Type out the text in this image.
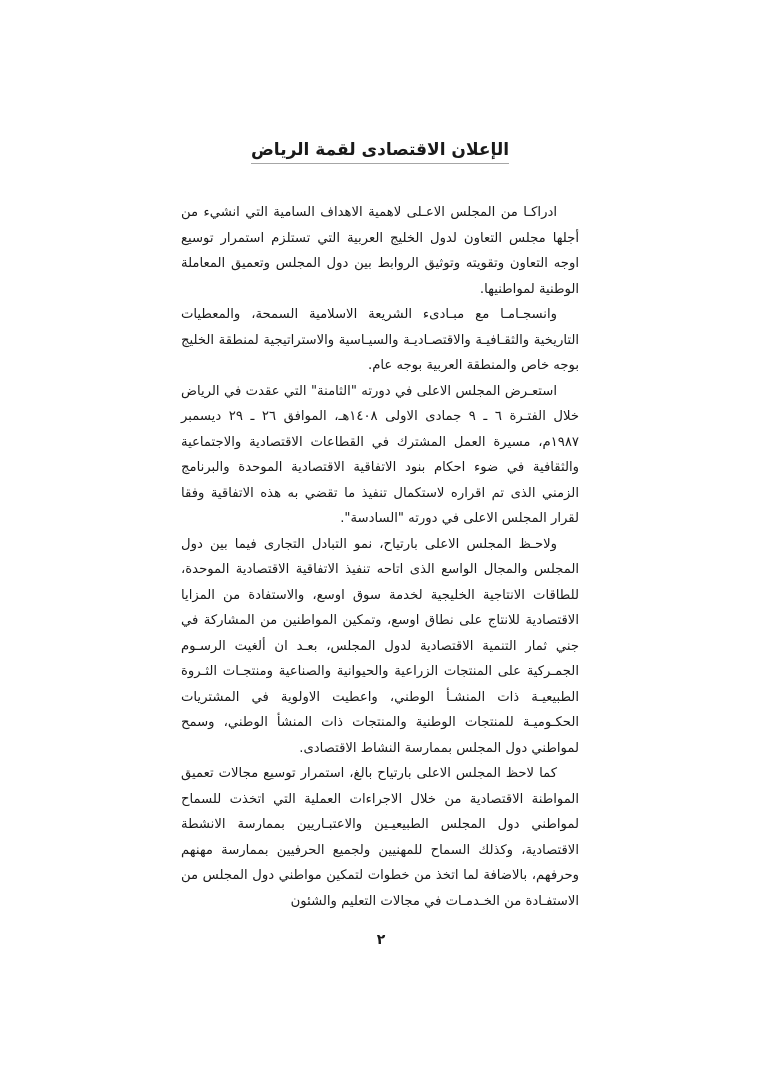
الإعلان الاقتصادى لقمة الرياض

ادراكـا من المجلس الاعـلى لاهمية الاهداف السامية التي انشيء من أجلها مجلس التعاون لدول الخليج العربية التي تستلزم استمرار توسيع اوجه التعاون وتقويته وتوثيق الروابط بين دول المجلس وتعميق المعاملة الوطنية لمواطنيها.

وانسجـامـا مع مبـادىء الشريعة الاسلامية السمحة، والمعطيات التاريخية والثقـافيـة والاقتصـاديـة والسيـاسية والاستراتيجية لمنطقة الخليج بوجه خاص والمنطقة العربية بوجه عام.

استعـرض المجلس الاعلى في دورته "الثامنة" التي عقدت في الرياض خلال الفتـرة ٦ ـ ٩ جمادى الاولى ١٤٠٨هـ، الموافق ٢٦ ـ ٢٩ ديسمبر ١٩٨٧م، مسيرة العمل المشترك في القطاعات الاقتصادية والاجتماعية والثقافية في ضوء احكام بنود الاتفاقية الاقتصادية الموحدة والبرنامج الزمني الذى تم اقراره لاستكمال تنفيذ ما تقضي به هذه الاتفاقية وفقا لقرار المجلس الاعلى في دورته "السادسة".

ولاحـظ المجلس الاعلى بارتياح، نمو التبادل التجارى فيما بين دول المجلس والمجال الواسع الذى اتاحه تنفيذ الاتفاقية الاقتصادية الموحدة، للطاقات الانتاجية الخليجية لخدمة سوق اوسع، والاستفادة من المزايا الاقتصادية للانتاج على نطاق اوسع، وتمكين المواطنين من المشاركة في جني ثمار التنمية الاقتصادية لدول المجلس، بعـد ان ألغيت الرسـوم الجمـركية على المنتجات الزراعية والحيوانية والصناعية ومنتجـات الثـروة الطبيعيـة ذات المنشـأ الوطني، واعطيت الاولوية في المشتريات الحكـوميـة للمنتجات الوطنية والمنتجات ذات المنشأ الوطني، وسمح لمواطني دول المجلس بممارسة النشاط الاقتصادى.

كما لاحظ المجلس الاعلى بارتياح بالغ، استمرار توسيع مجالات تعميق المواطنة الاقتصادية من خلال الاجراءات العملية التي اتخذت للسماح لمواطني دول المجلس الطبيعيـين والاعتبـاريين بممارسة الانشطة الاقتصادية، وكذلك السماح للمهنيين ولجميع الحرفيين بممارسة مهنهم وحرفهم، بالاضافة لما اتخذ من خطوات لتمكين مواطني دول المجلس من الاستفـادة من الخـدمـات في مجالات التعليم والشئون

٢
